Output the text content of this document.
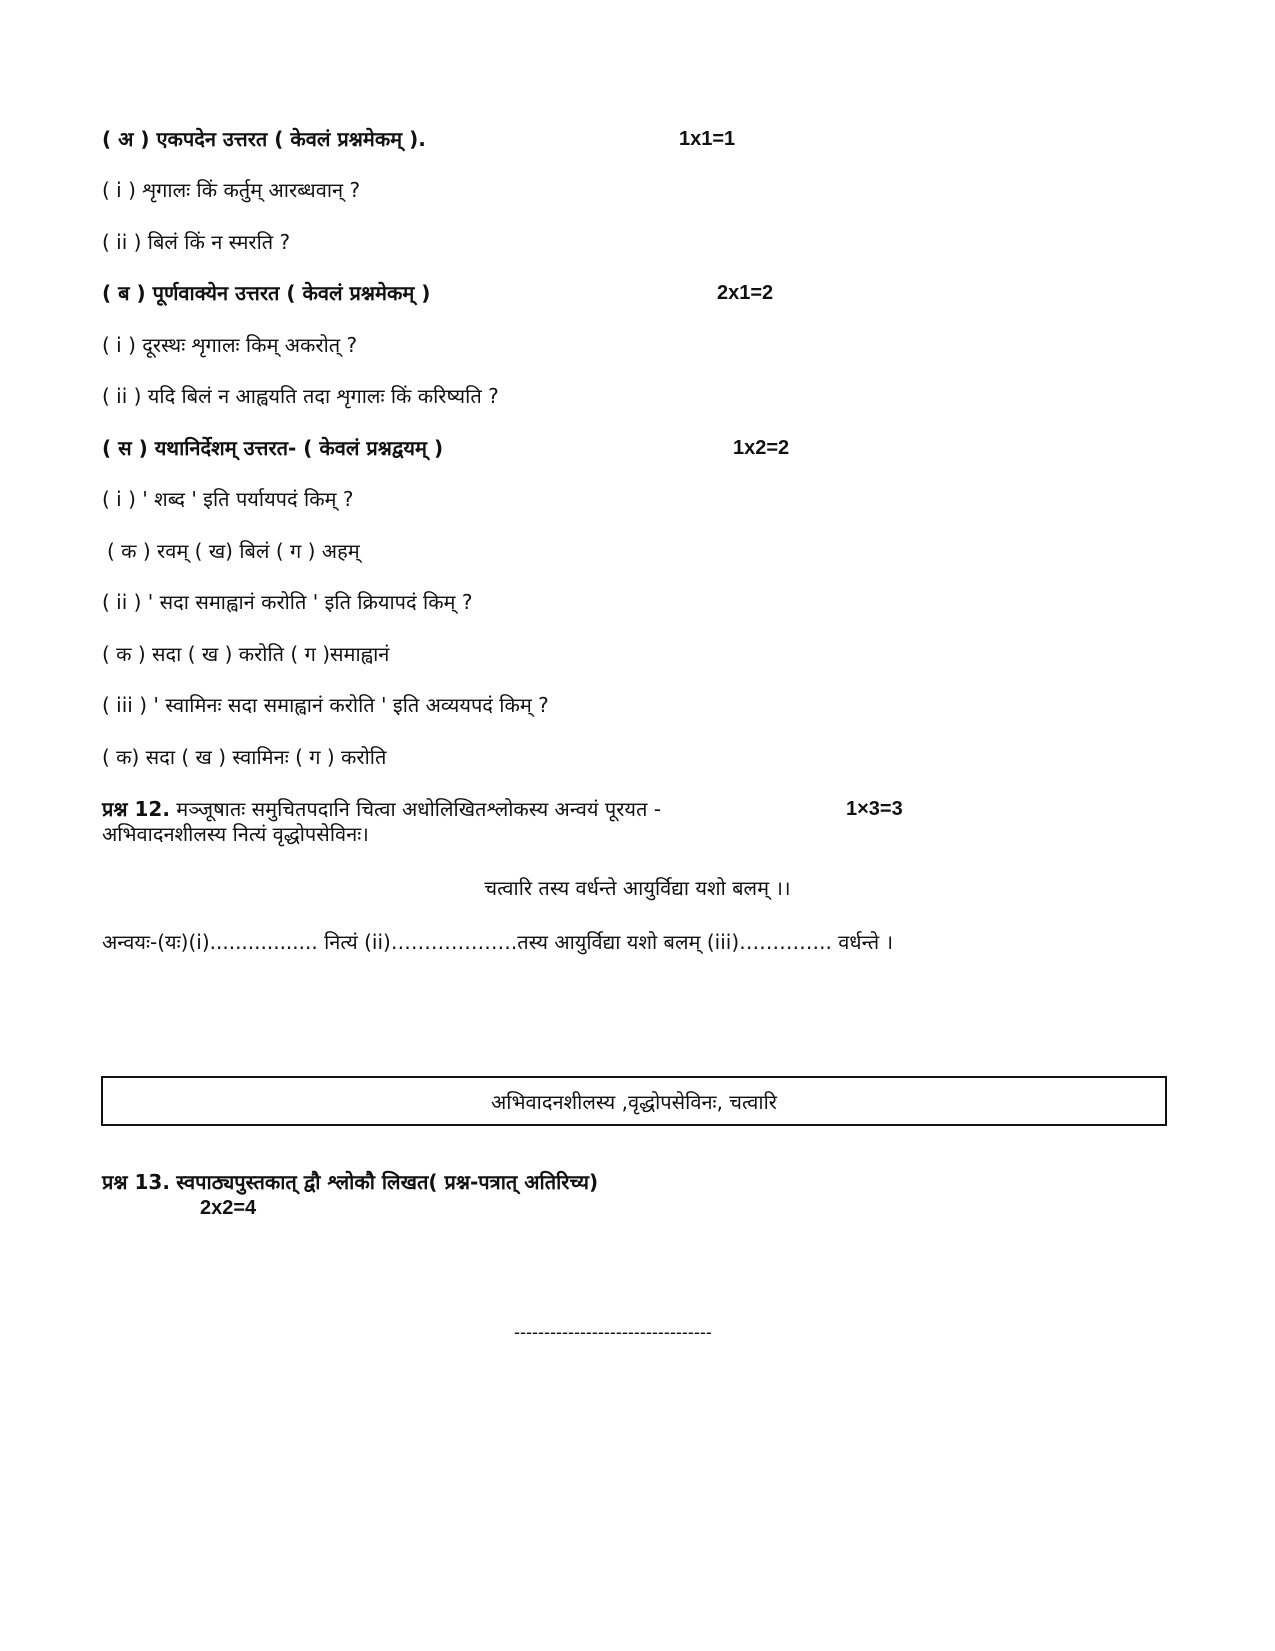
( अ ) एकपदेन उत्तरत ( केवलं प्रश्नमेकम् ).	1x1=1
( i ) शृगालः किं कर्तुम् आरब्धवान् ?
( ii ) बिलं किं न स्मरति ?
( ब ) पूर्णवाक्येन उत्तरत ( केवलं प्रश्नमेकम् )	2x1=2
( i ) दूरस्थः शृगालः किम् अकरोत् ?
( ii ) यदि बिलं न आह्वयति तदा शृगालः किं करिष्यति ?
( स ) यथानिर्देशम् उत्तरत- ( केवलं प्रश्नद्वयम् )	1x2=2
( i ) ' शब्द ' इति पर्यायपदं किम् ?
( क ) रवम् ( ख) बिलं ( ग ) अहम्
( ii ) ' सदा समाह्वानं करोति ' इति क्रियापदं किम् ?
( क ) सदा ( ख ) करोति ( ग )समाह्वानं
( iii ) ' स्वामिनः सदा समाह्वानं करोति ' इति अव्ययपदं किम् ?
( क) सदा ( ख ) स्वामिनः ( ग ) करोति
प्रश्न 12. मञ्जूषातः समुचितपदानि चित्वा अधोलिखितश्लोकस्य अन्वयं पूरयत -	1×3=3
अभिवादनशीलस्य नित्यं वृद्धोपसेविनः।
चत्वारि तस्य वर्धन्ते आयुर्विद्या यशो बलम् ।।
अन्वयः-(यः)(i)................. नित्यं (ii)……………….तस्य आयुर्विद्या यशो बलम् (iii)………….. वर्धन्ते ।
अभिवादनशीलस्य ,वृद्धोपसेविनः, चत्वारि
प्रश्न 13. स्वपाठ्यपुस्तकात् द्वौ श्लोकौ लिखत( प्रश्न-पत्रात् अतिरिच्य)
2x2=4
---------------------------------
